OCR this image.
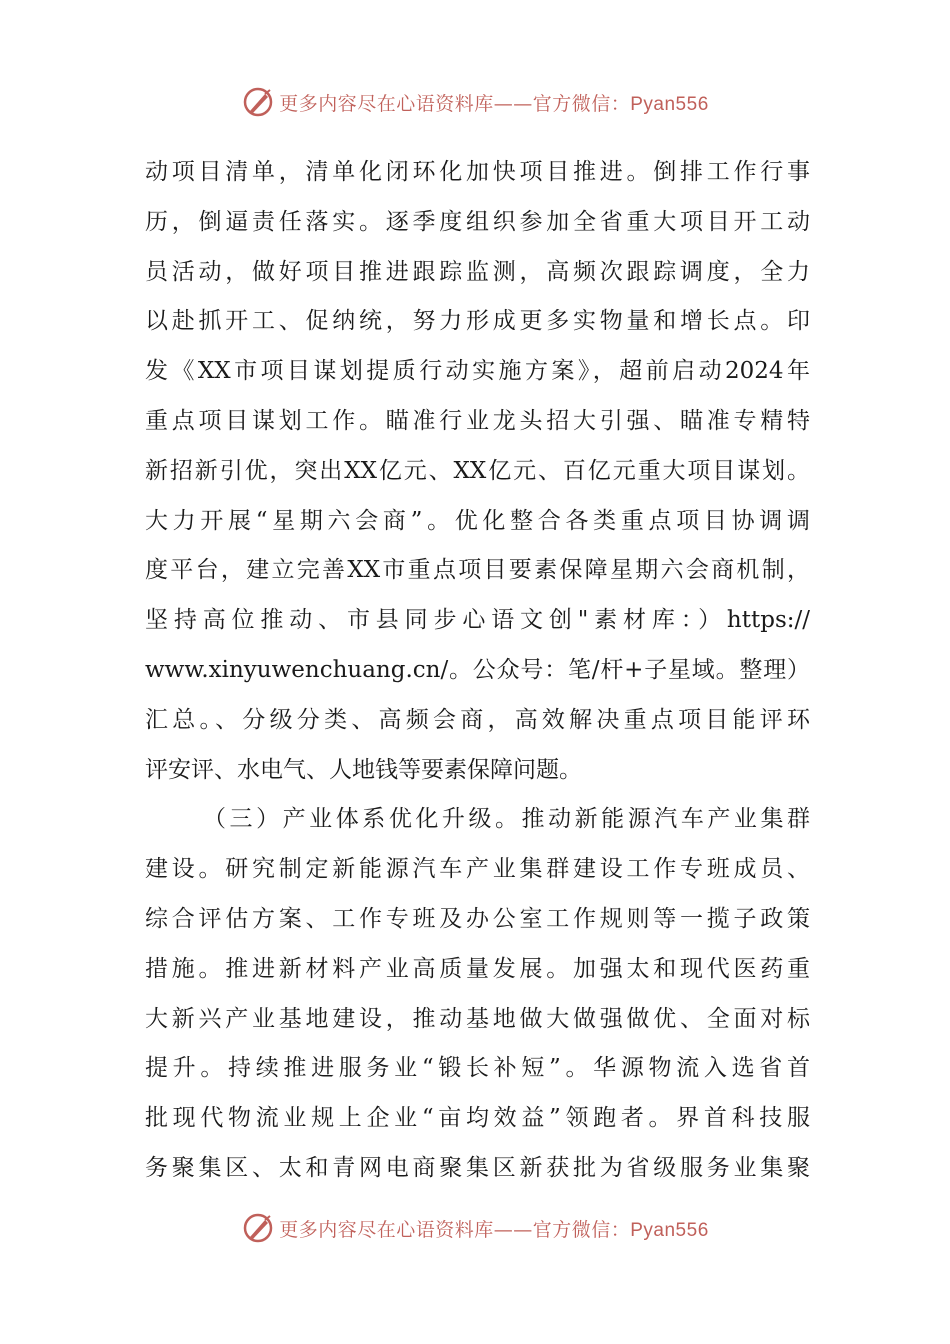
更多内容尽在心语资料库——官方微信：Pyan556
动项目清单，清单化闭环化加快项目推进。倒排工作行事
历，倒逼责任落实。逐季度组织参加全省重大项目开工动
员活动，做好项目推进跟踪监测，高频次跟踪调度，全力
以赴抓开工、促纳统，努力形成更多实物量和增长点。印
发《XX市项目谋划提质行动实施方案》，超前启动2024年
重点项目谋划工作。瞄准行业龙头招大引强、瞄准专精特
新招新引优，突出XX亿元、XX亿元、百亿元重大项目谋划。
大力开展“星期六会商”。优化整合各类重点项目协调调
度平台，建立完善XX市重点项目要素保障星期六会商机制，
坚持高位推动、市县同步心语文创"素材库：）https://
www.xinyuwenchuang.cn/。公众号：笔/杆+子星域。整理）
汇总。、分级分类、高频会商，高效解决重点项目能评环
评安评、水电气、人地钱等要素保障问题。
（三）产业体系优化升级。推动新能源汽车产业集群
建设。研究制定新能源汽车产业集群建设工作专班成员、
综合评估方案、工作专班及办公室工作规则等一揽子政策
措施。推进新材料产业高质量发展。加强太和现代医药重
大新兴产业基地建设，推动基地做大做强做优、全面对标
提升。持续推进服务业“锻长补短”。华源物流入选省首
批现代物流业规上企业“亩均效益”领跑者。界首科技服
务聚集区、太和青网电商聚集区新获批为省级服务业集聚
更多内容尽在心语资料库——官方微信：Pyan556
